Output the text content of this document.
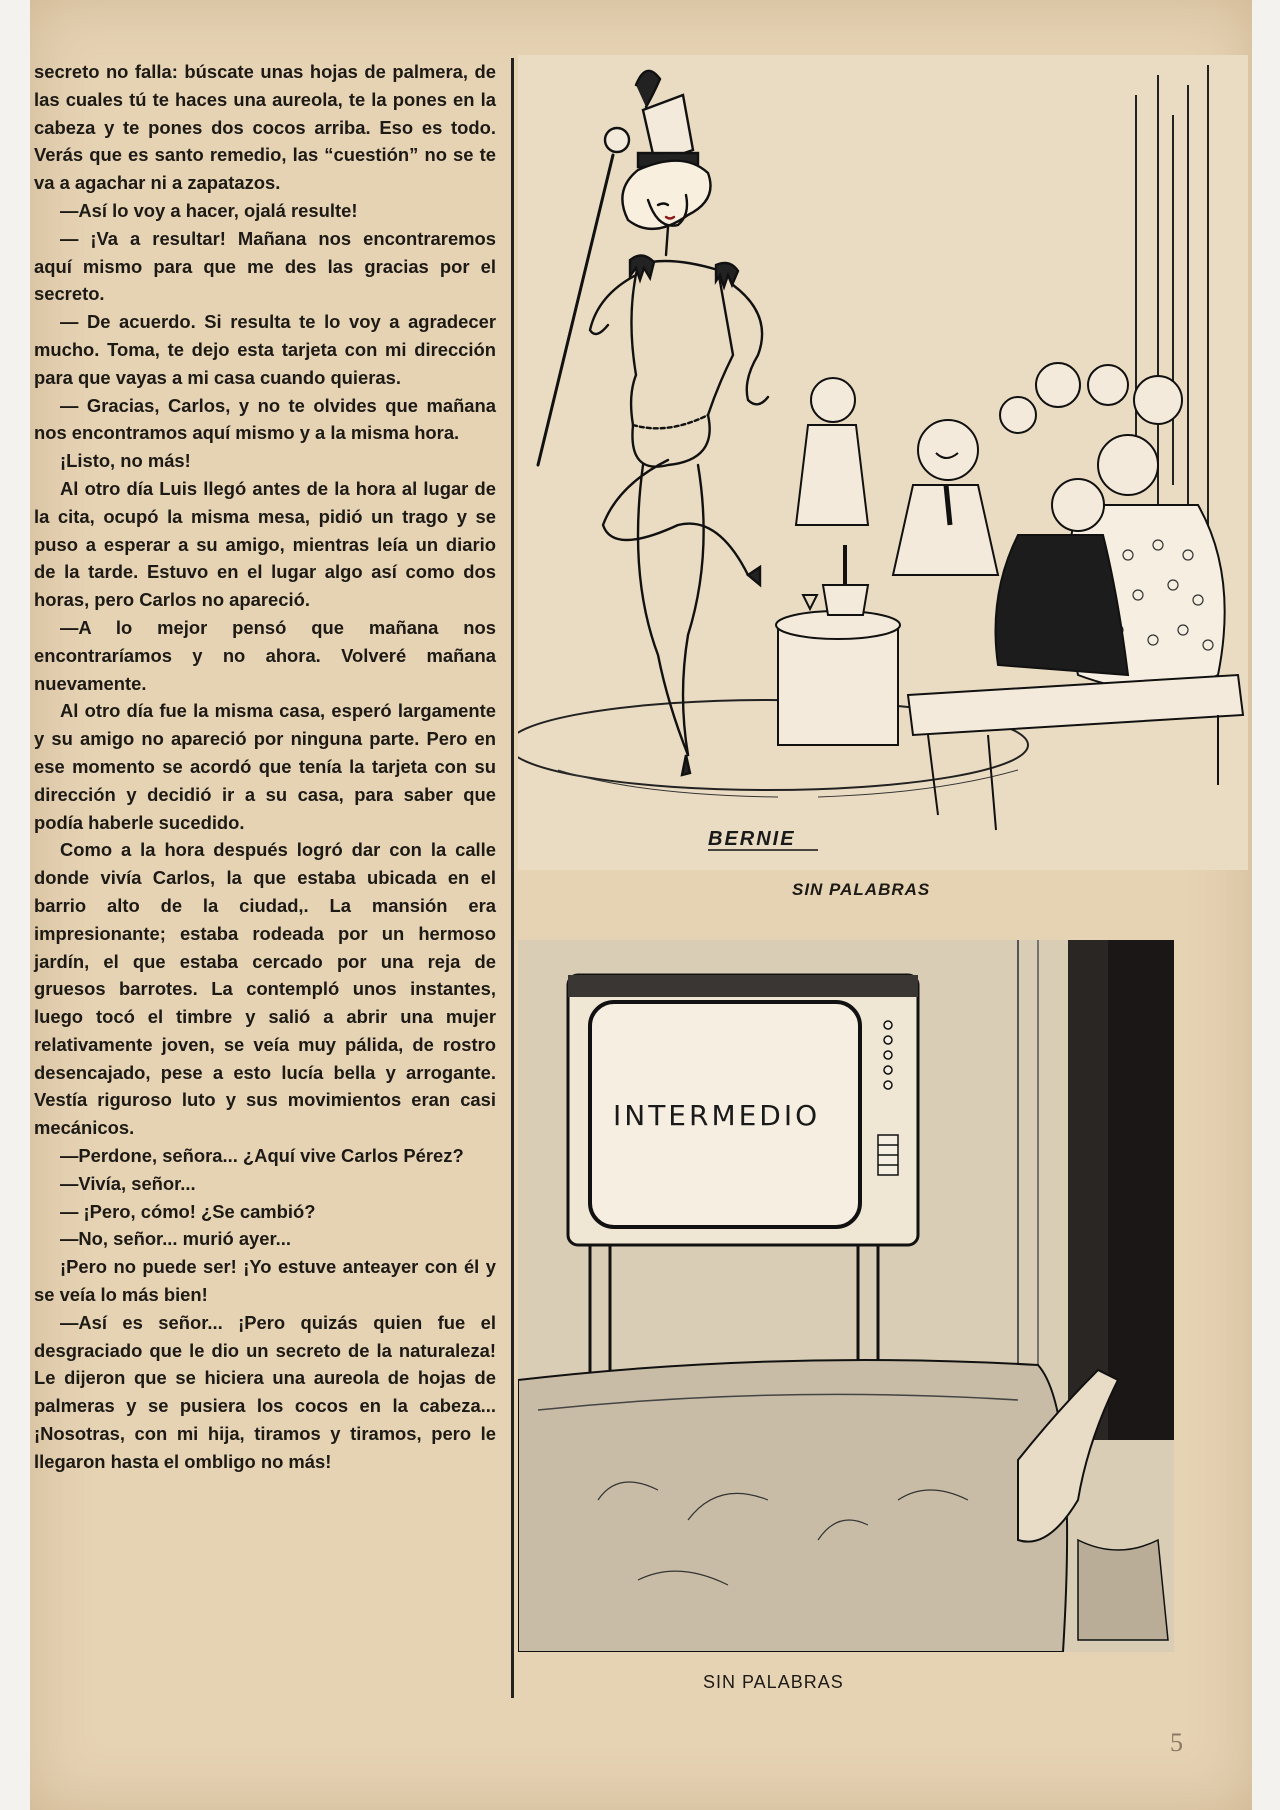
secreto no falla: búscate unas hojas de palmera, de las cuales tú te haces una aureola, te la pones en la cabeza y te pones dos cocos arriba. Eso es todo. Verás que es santo remedio, las “cuestión” no se te va a agachar ni a zapatazos.

—Así lo voy a hacer, ojalá resulte!

— ¡Va a resultar! Mañana nos encontraremos aquí mismo para que me des las gracias por el secreto.

— De acuerdo. Si resulta te lo voy a agradecer mucho. Toma, te dejo esta tarjeta con mi dirección para que vayas a mi casa cuando quieras.

— Gracias, Carlos, y no te olvides que mañana nos encontramos aquí mismo y a la misma hora.

¡Listo, no más!

Al otro día Luis llegó antes de la hora al lugar de la cita, ocupó la misma mesa, pidió un trago y se puso a esperar a su amigo, mientras leía un diario de la tarde. Estuvo en el lugar algo así como dos horas, pero Carlos no apareció.

—A lo mejor pensó que mañana nos encontraríamos y no ahora. Volveré mañana nuevamente.

Al otro día fue la misma casa, esperó largamente y su amigo no apareció por ninguna parte. Pero en ese momento se acordó que tenía la tarjeta con su dirección y decidió ir a su casa, para saber que podía haberle sucedido.

Como a la hora después logró dar con la calle donde vivía Carlos, la que estaba ubicada en el barrio alto de la ciudad,. La mansión era impresionante; estaba rodeada por un hermoso jardín, el que estaba cercado por una reja de gruesos barrotes. La contempló unos instantes, luego tocó el timbre y salió a abrir una mujer relativamente joven, se veía muy pálida, de rostro desencajado, pese a esto lucía bella y arrogante. Vestía riguroso luto y sus movimientos eran casi mecánicos.

—Perdone, señora... ¿Aquí vive Carlos Pérez?

—Vivía, señor...

— ¡Pero, cómo! ¿Se cambió?

—No, señor... murió ayer...

¡Pero no puede ser! ¡Yo estuve anteayer con él y se veía lo más bien!

—Así es señor... ¡Pero quizás quien fue el desgraciado que le dio un secreto de la naturaleza! Le dijeron que se hiciera una aureola de hojas de palmeras y se pusiera los cocos en la cabeza... ¡Nosotras, con mi hija, tiramos y tiramos, pero le llegaron hasta el ombligo no más!

BERNIE
SIN PALABRAS
INTERMEDIO
SIN PALABRAS
5
